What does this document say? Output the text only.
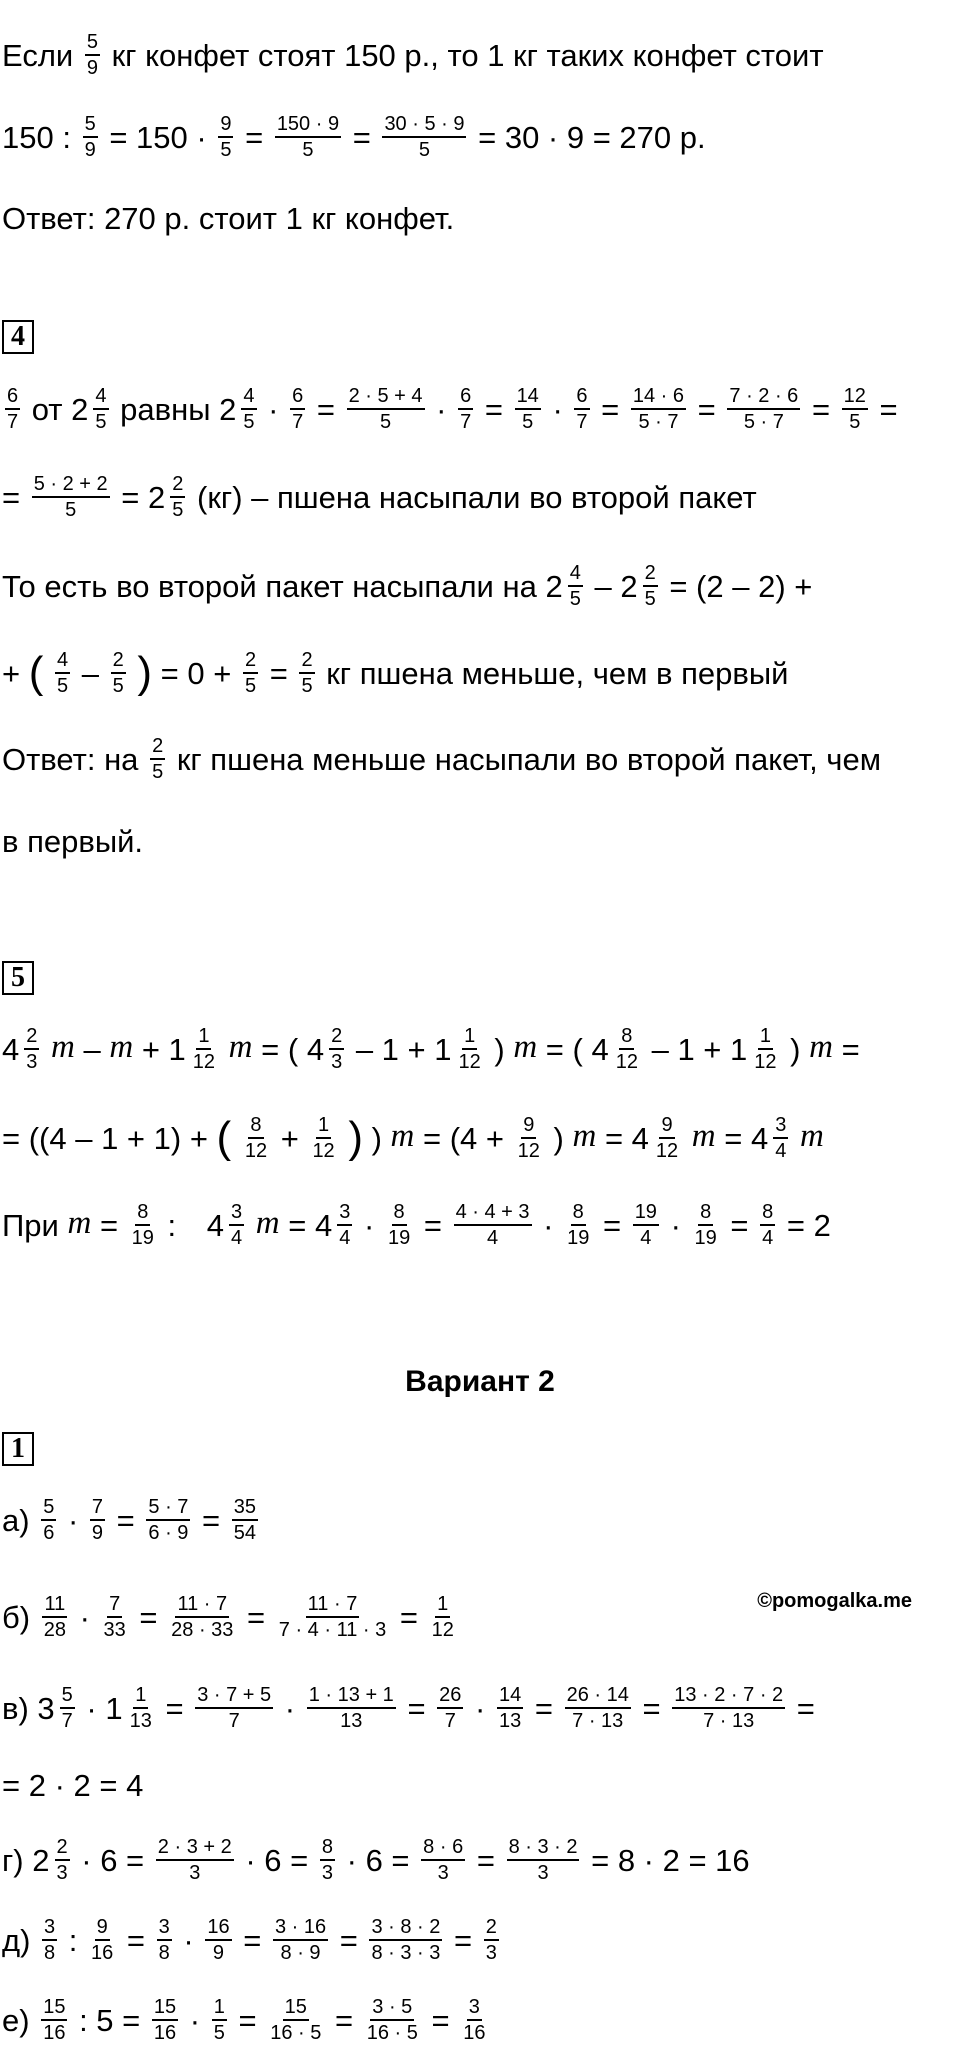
Если $\frac{5}{9}$ кг конфет стоят 150 р., то 1 кг таких конфет стоит
150 : $\frac{5}{9} = 150 \cdot \frac{9}{5} = \frac{150 \cdot 9}{5} = \frac{30 \cdot 5 \cdot 9}{5} = 30 \cdot 9 = 270$ р.
Ответ: 270 р. стоит 1 кг конфет.
4
$\frac{6}{7}$ от $2 \frac{4}{5}$ равны $2 \frac{4}{5} \cdot \frac{6}{7} = \frac{2 \cdot 5 + 4}{5} \cdot \frac{6}{7} = \frac{14}{5} \cdot \frac{6}{7} = \frac{14 \cdot 6}{5 \cdot 7} = \frac{7 \cdot 2 \cdot 6}{5 \cdot 7} = \frac{12}{5}$ =
= $\frac{5 \cdot 2 + 2}{5} = 2 \frac{2}{5} (кг)$ – пшена насыпали во второй пакет
То есть во второй пакет насыпали на $2 \frac{4}{5} - 2 \frac{2}{5} = (2 - 2)$ +
+ ( $\frac{4}{5} - \frac{2}{5}$ ) = $0 + \frac{2}{5} = \frac{2}{5}$ кг пшена меньше, чем в первый
Ответ: на $\frac{2}{5}$ кг пшена меньше насыпали во второй пакет, чем
в первый.
5
$4 \frac{2}{3}$ $m - m + 1 \frac{1}{12}$ m = ( $4 \frac{2}{3} - 1 + 1 \frac{1}{12}$ ) m = ( $4 \frac{8}{12} - 1 + 1 \frac{1}{12}$ ) m =
= ((4 – 1 + 1) + ( $\frac{8}{12} + \frac{1}{12}$ ) ) $m = (4 + \frac{9}{12}$ ) $m = 4 \frac{9}{12}$ $m = 4 \frac{3}{4}$ m
При $m = \frac{8}{19}$ : $4 \frac{3}{4}$ $m = 4 \frac{3}{4} \cdot \frac{8}{19} = \frac{4 \cdot 4 + 3}{4} \cdot \frac{8}{19} = \frac{19}{4} \cdot \frac{8}{19} = \frac{8}{4} = 2$
Вариант 2
1
$а) \frac{5}{6} \cdot \frac{7}{9} = \frac{5 \cdot 7}{6 \cdot 9} = \frac{35}{54}$
©pomogalka.me
$б) \frac{11}{28} \cdot \frac{7}{33} = \frac{11 \cdot 7}{28 \cdot 33} = \frac{11 \cdot 7}{7 \cdot 4 \cdot 11 \cdot 3} = \frac{1}{12}$
в) $3 \frac{5}{7} \cdot 1 \frac{1}{13} = \frac{3 \cdot 7 + 5}{7} \cdot \frac{1 \cdot 13 + 1}{13} = \frac{26}{7} \cdot \frac{14}{13} = \frac{26 \cdot 14}{7 \cdot 13} = \frac{13 \cdot 2 \cdot 7 \cdot 2}{7 \cdot 13}$ =
= 2 · 2 = 4
г) $2 \frac{2}{3} \cdot 6 = \frac{2 \cdot 3 + 2}{3} \cdot 6 = \frac{8}{3} \cdot 6 = \frac{8 \cdot 6}{3} = \frac{8 \cdot 3 \cdot 2}{3} = 8 \cdot 2 = 16$
$д) \frac{3}{8}$ : $\frac{9}{16} = \frac{3}{8} \cdot \frac{16}{9} = \frac{3 \cdot 16}{8 \cdot 9} = \frac{3 \cdot 8 \cdot 2}{8 \cdot 3 \cdot 3} = \frac{2}{3}$
$е) \frac{15}{16}$ : $5 = \frac{15}{16} \cdot \frac{1}{5} = \frac{15}{16 \cdot 5} = \frac{3 \cdot 5}{16 \cdot 5} = \frac{3}{16}$
